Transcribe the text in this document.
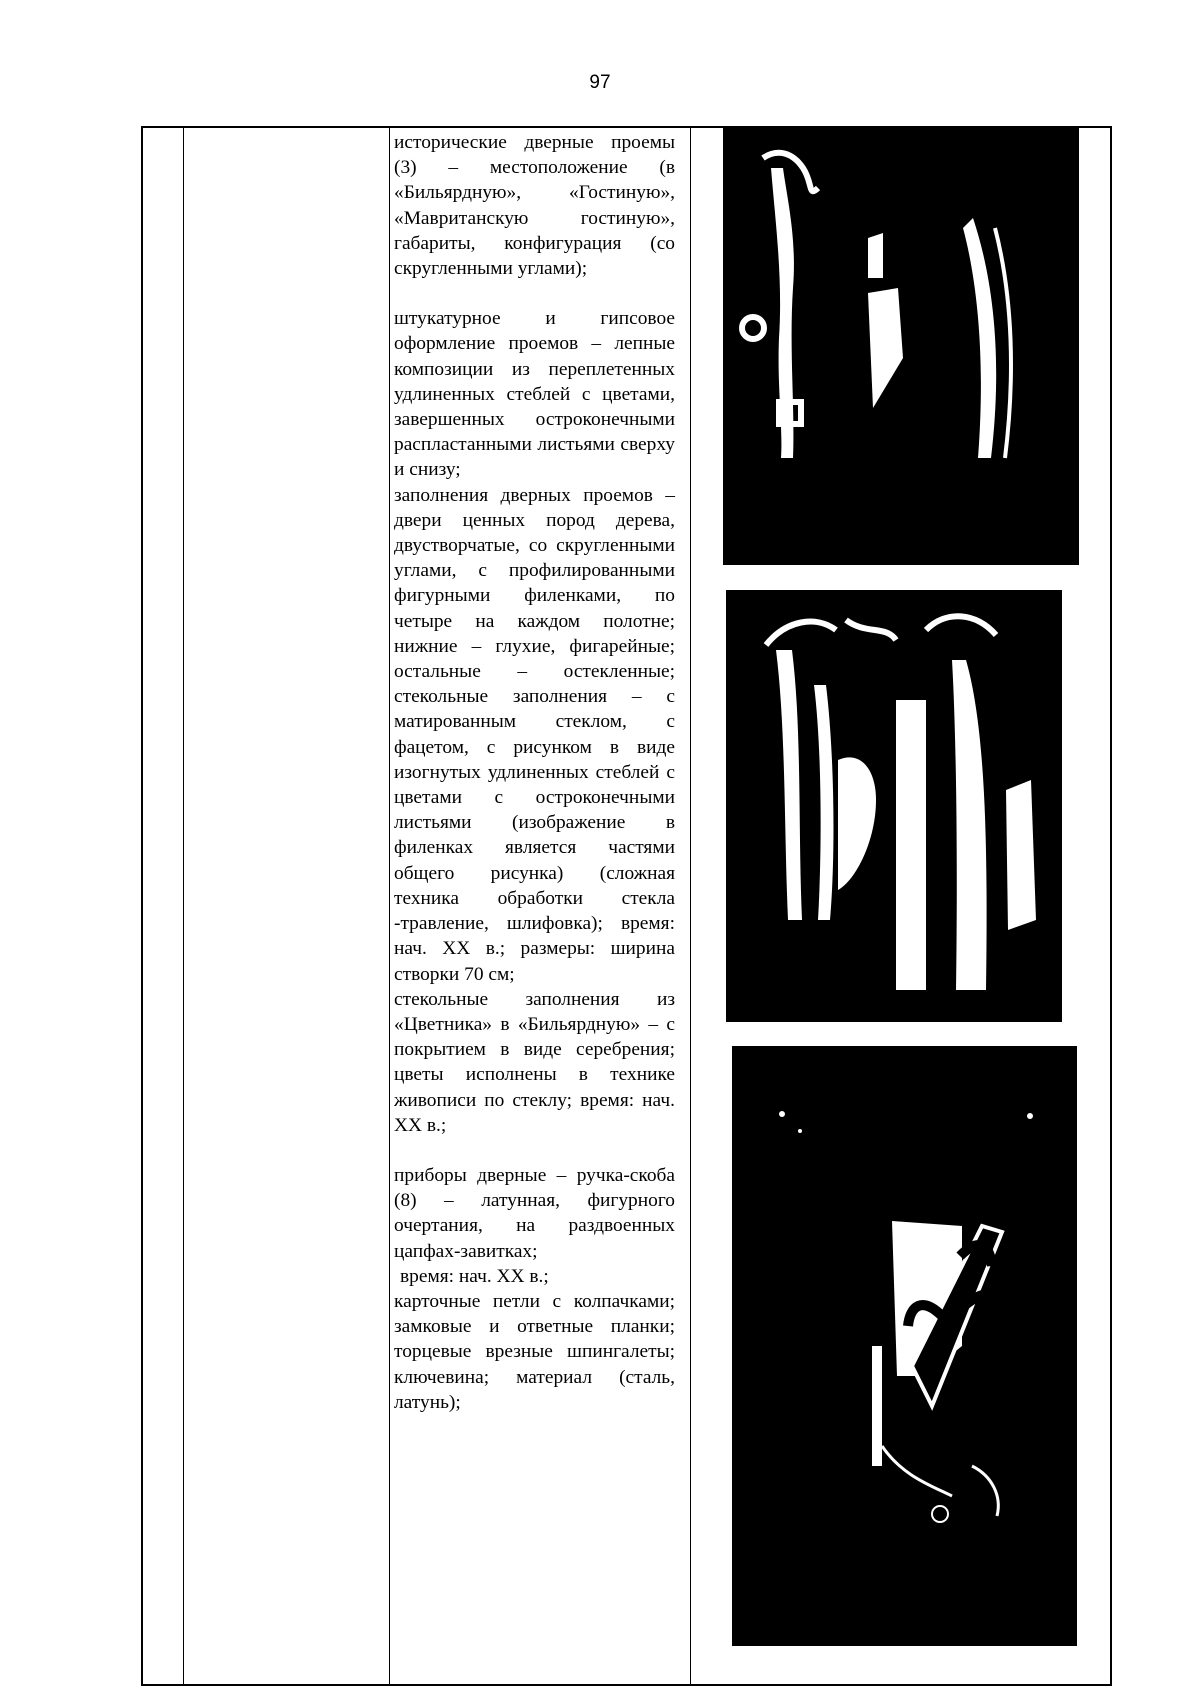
97

исторические дверные проемы (3) – местоположение (в «Бильярдную», «Гостиную», «Мавританскую гостиную», габариты, конфигурация (со скругленными углами);

штукатурное и гипсовое оформление проемов – лепные композиции из переплетенных удлиненных стеблей с цветами, завершенных остроконечными распластанными листьями сверху и снизу;

заполнения дверных проемов – двери ценных пород дерева, двустворчатые, со скругленными углами, с профилированными фигурными филенками, по четыре на каждом полотне; нижние – глухие, фигарейные; остальные – остекленные; стекольные заполнения – с матированным стеклом, с фацетом, с рисунком в виде изогнутых удлиненных стеблей с цветами с остроконечными листьями (изображение в филенках является частями общего рисунка) (сложная техника обработки стекла -травление, шлифовка); время: нач. XX в.; размеры: ширина створки 70 см;

стекольные заполнения из «Цветника» в «Бильярдную» – с покрытием в виде серебрения; цветы исполнены в технике живописи по стеклу; время: нач. XX в.;

приборы дверные – ручка-скоба (8) – латунная, фигурного очертания, на раздвоенных цапфах-завитках;

время: нач. XX в.;

карточные петли с колпачками; замковые и ответные планки; торцевые врезные шпингалеты; ключевина; материал (сталь, латунь);
